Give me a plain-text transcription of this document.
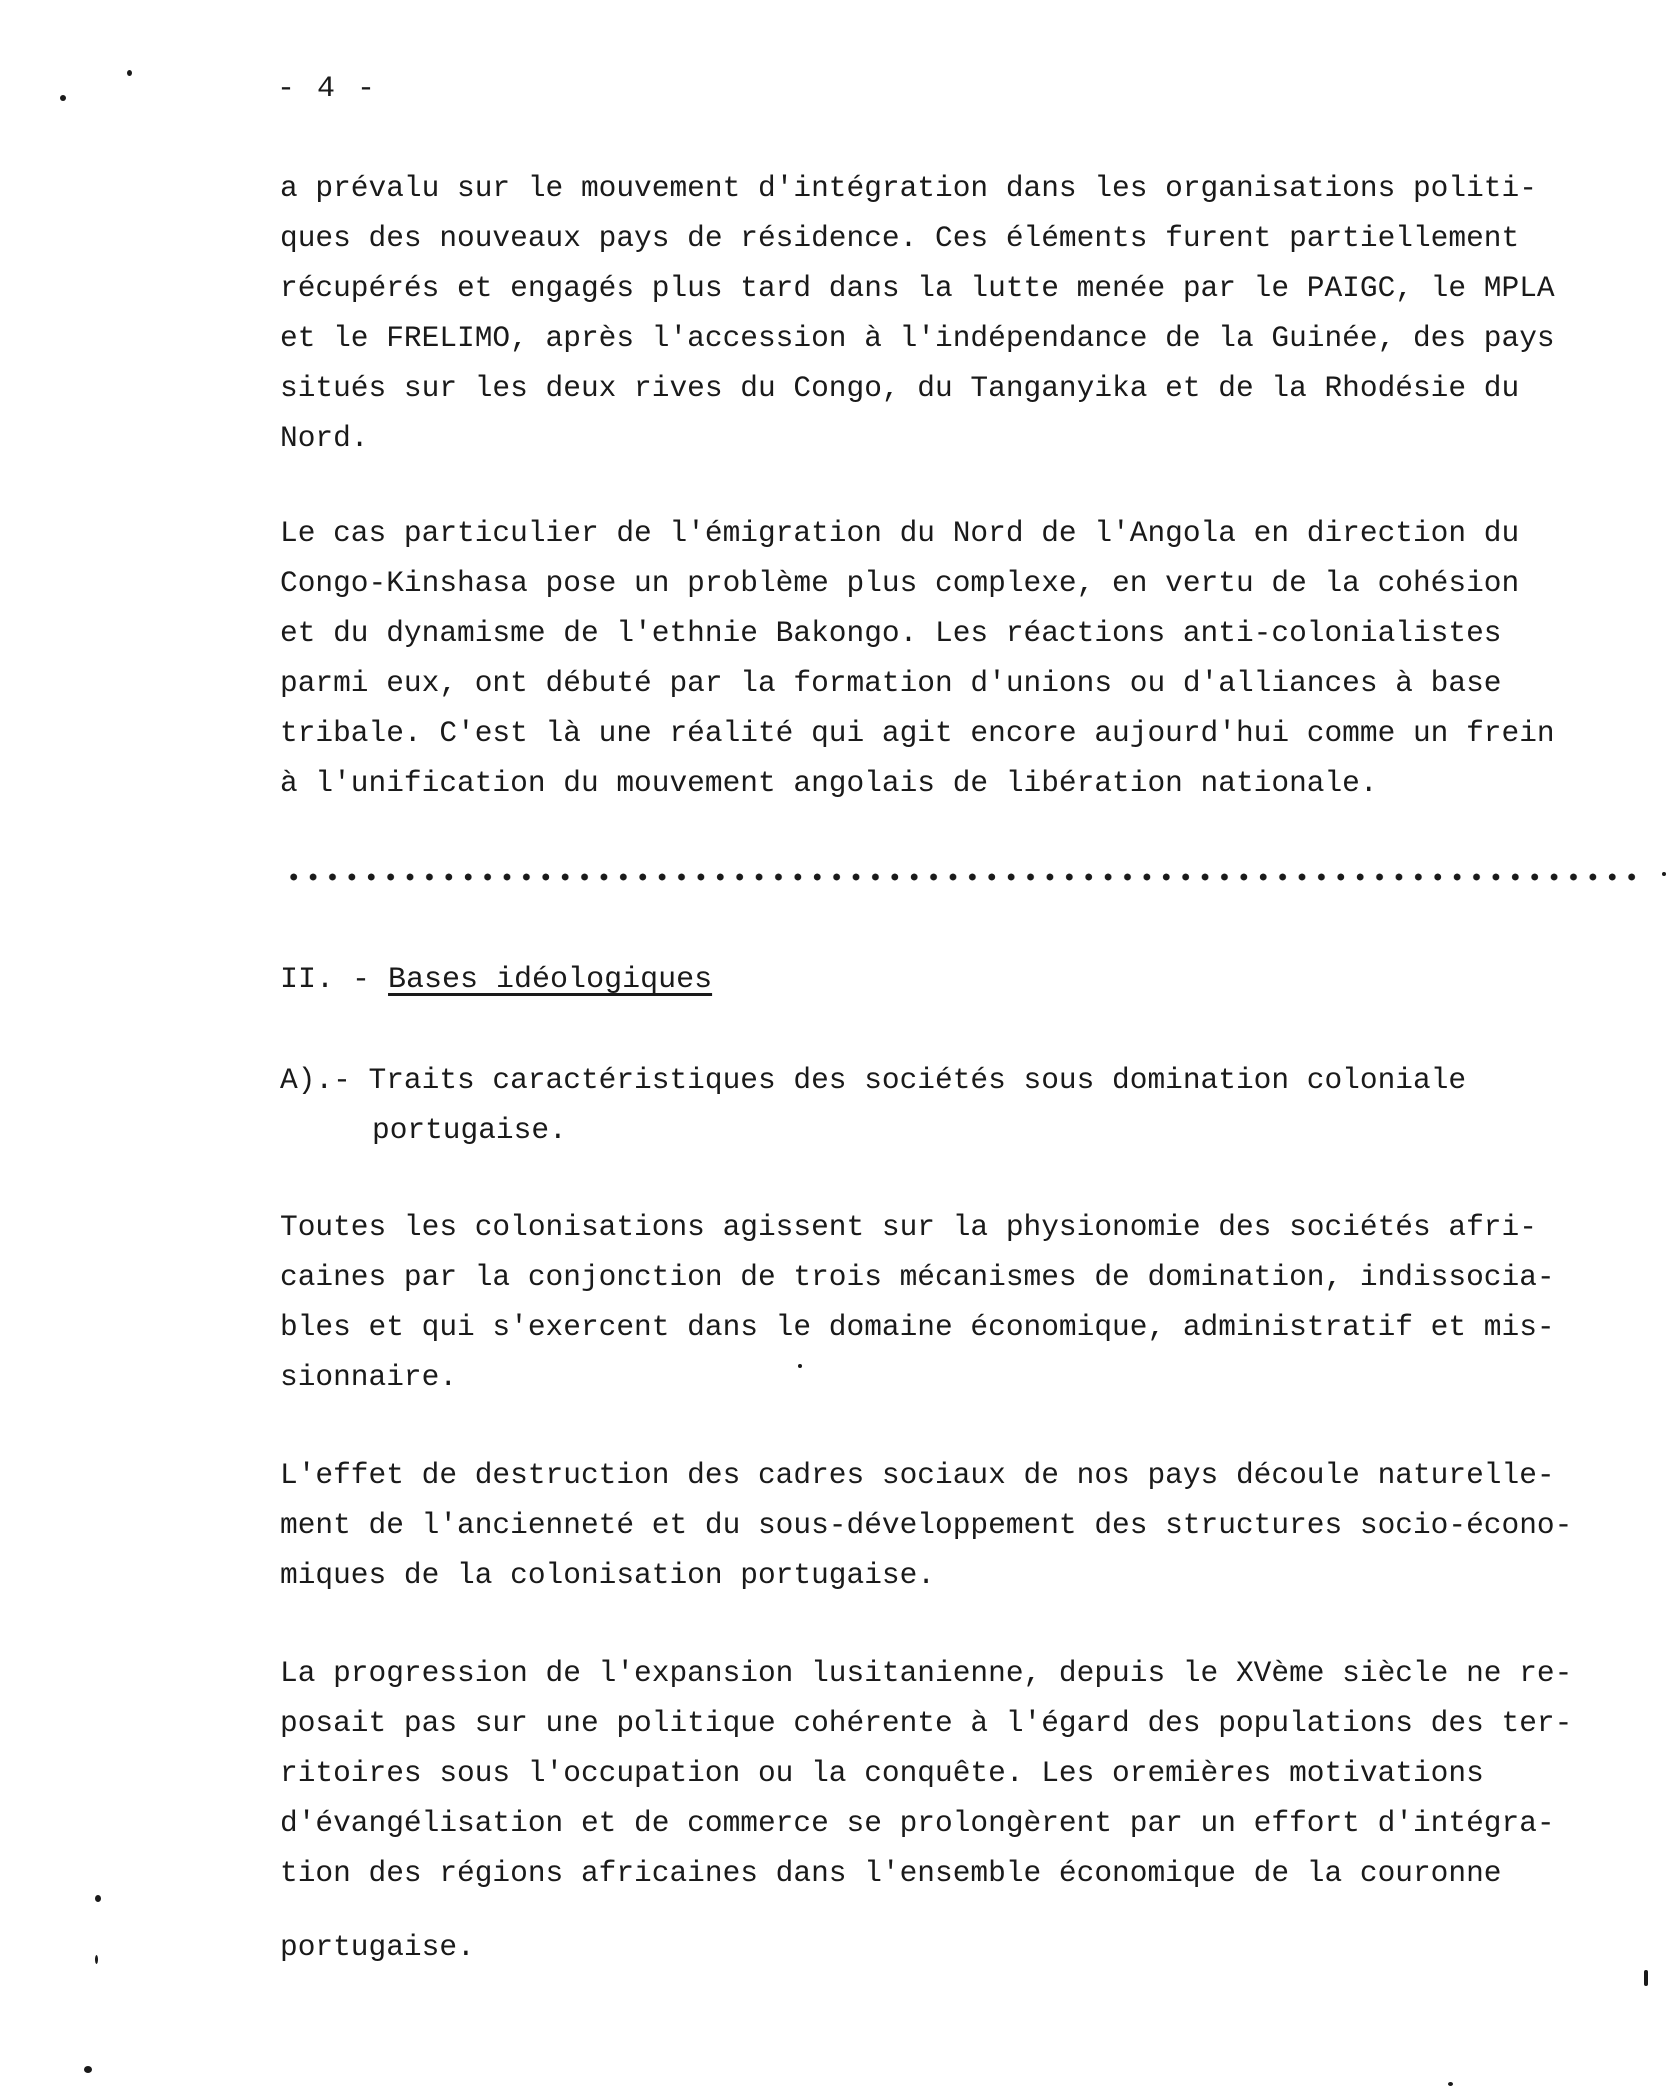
- 4 -

a prévalu sur le mouvement d'intégration dans les organisations politi-
ques des nouveaux pays de résidence. Ces éléments furent partiellement
récupérés et engagés plus tard dans la lutte menée par le PAIGC, le MPLA
et le FRELIMO, après l'accession à l'indépendance de la Guinée, des pays
situés sur les deux rives du Congo, du Tanganyika et de la Rhodésie du
Nord.

Le cas particulier de l'émigration du Nord de l'Angola en direction du
Congo-Kinshasa pose un problème plus complexe, en vertu de la cohésion
et du dynamisme de l'ethnie Bakongo. Les réactions anti-colonialistes
parmi eux, ont débuté par la formation d'unions ou d'alliances à base
tribale. C'est là une réalité qui agit encore aujourd'hui comme un frein
à l'unification du mouvement angolais de libération nationale.

II. - Bases idéologiques
A).- Traits caractéristiques des sociétés sous domination coloniale
portugaise.

Toutes les colonisations agissent sur la physionomie des sociétés afri-
caines par la conjonction de trois mécanismes de domination, indissocia-
bles et qui s'exercent dans le domaine économique, administratif et mis-
sionnaire.

L'effet de destruction des cadres sociaux de nos pays découle naturelle-
ment de l'ancienneté et du sous-développement des structures socio-écono-
miques de la colonisation portugaise.

La progression de l'expansion lusitanienne, depuis le XVème siècle ne re-
posait pas sur une politique cohérente à l'égard des populations des ter-
ritoires sous l'occupation ou la conquête. Les oremières motivations
d'évangélisation et de commerce se prolongèrent par un effort d'intégra-
tion des régions africaines dans l'ensemble économique de la couronne

portugaise.
